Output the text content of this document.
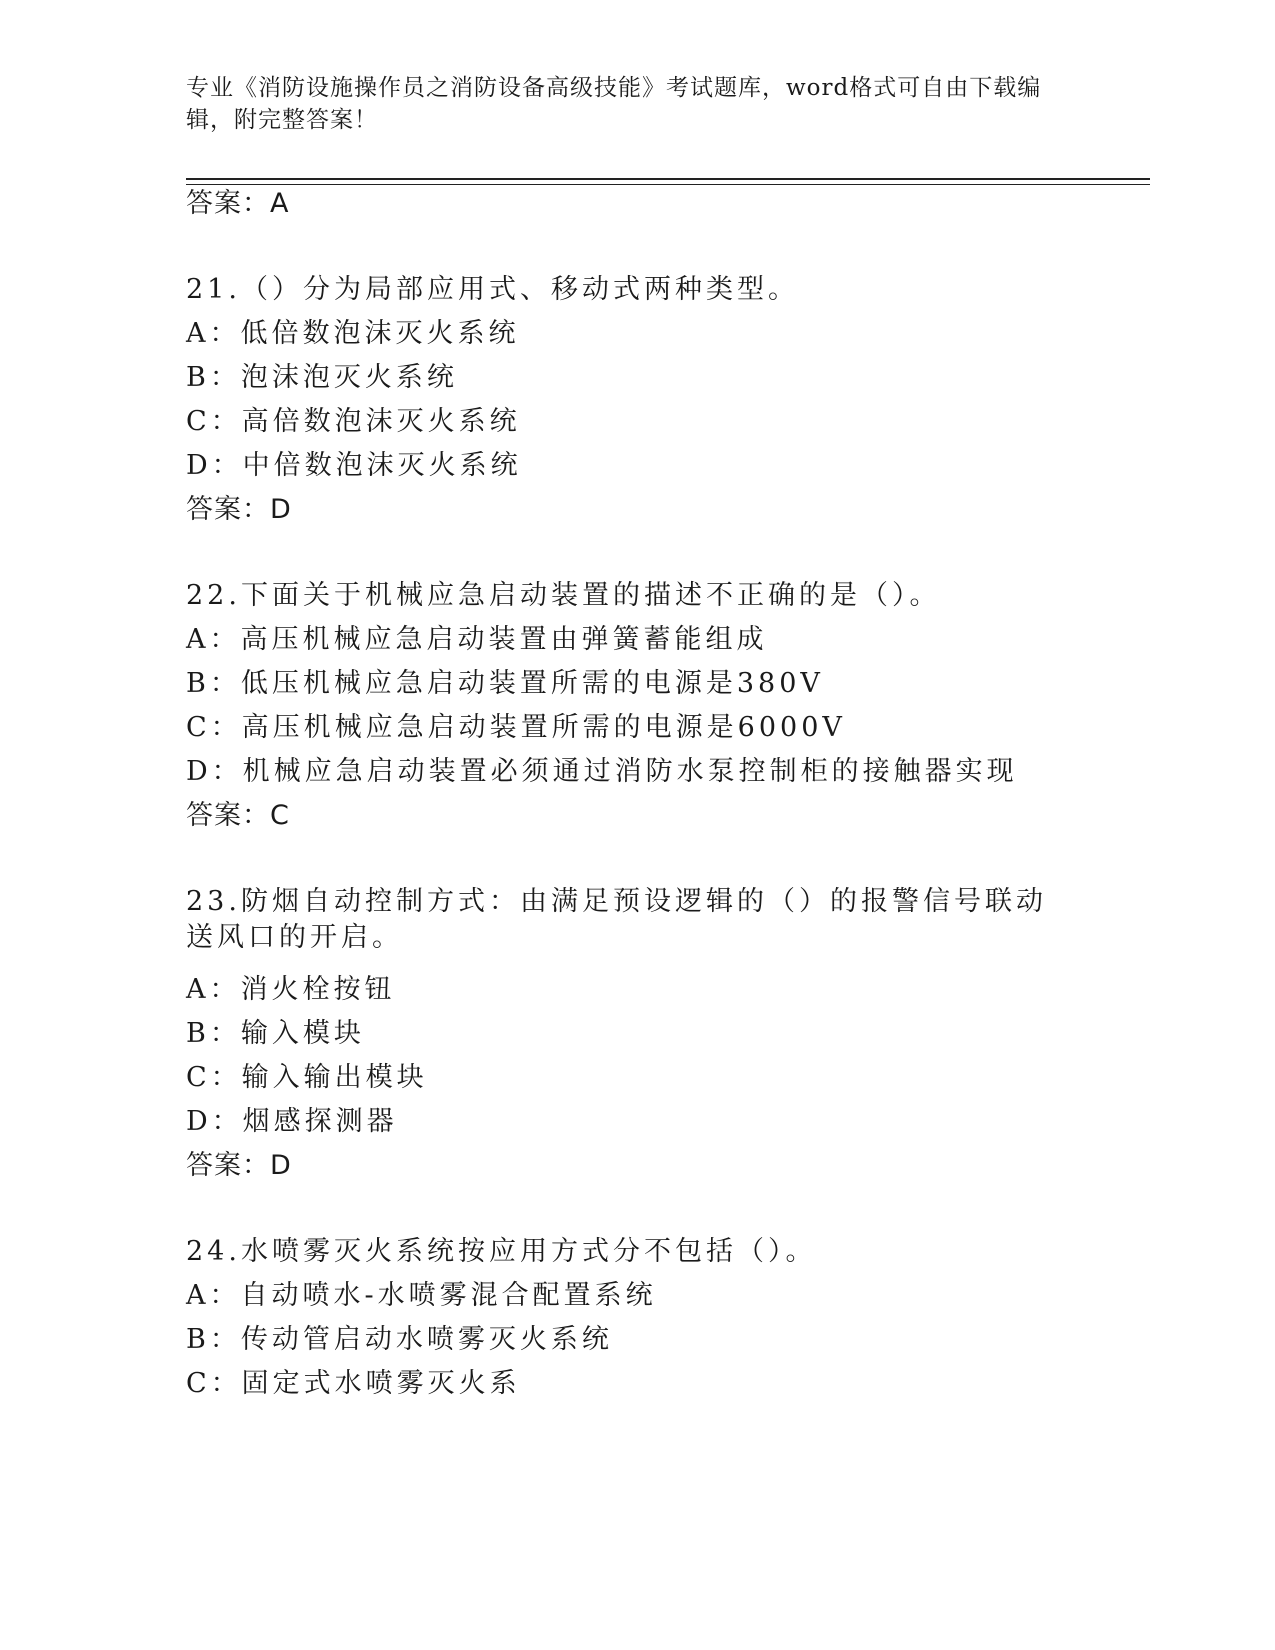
专业《消防设施操作员之消防设备高级技能》考试题库，word格式可自由下载编辑，附完整答案！
答案：A
21.（）分为局部应用式、移动式两种类型。
A：低倍数泡沫灭火系统
B：泡沫泡灭火系统
C：高倍数泡沫灭火系统
D：中倍数泡沫灭火系统
答案：D
22.下面关于机械应急启动装置的描述不正确的是（）。
A：高压机械应急启动装置由弹簧蓄能组成
B：低压机械应急启动装置所需的电源是380V
C：高压机械应急启动装置所需的电源是6000V
D：机械应急启动装置必须通过消防水泵控制柜的接触器实现
答案：C
23.防烟自动控制方式：由满足预设逻辑的（）的报警信号联动送风口的开启。
A：消火栓按钮
B：输入模块
C：输入输出模块
D：烟感探测器
答案：D
24.水喷雾灭火系统按应用方式分不包括（）。
A：自动喷水-水喷雾混合配置系统
B：传动管启动水喷雾灭火系统
C：固定式水喷雾灭火系
